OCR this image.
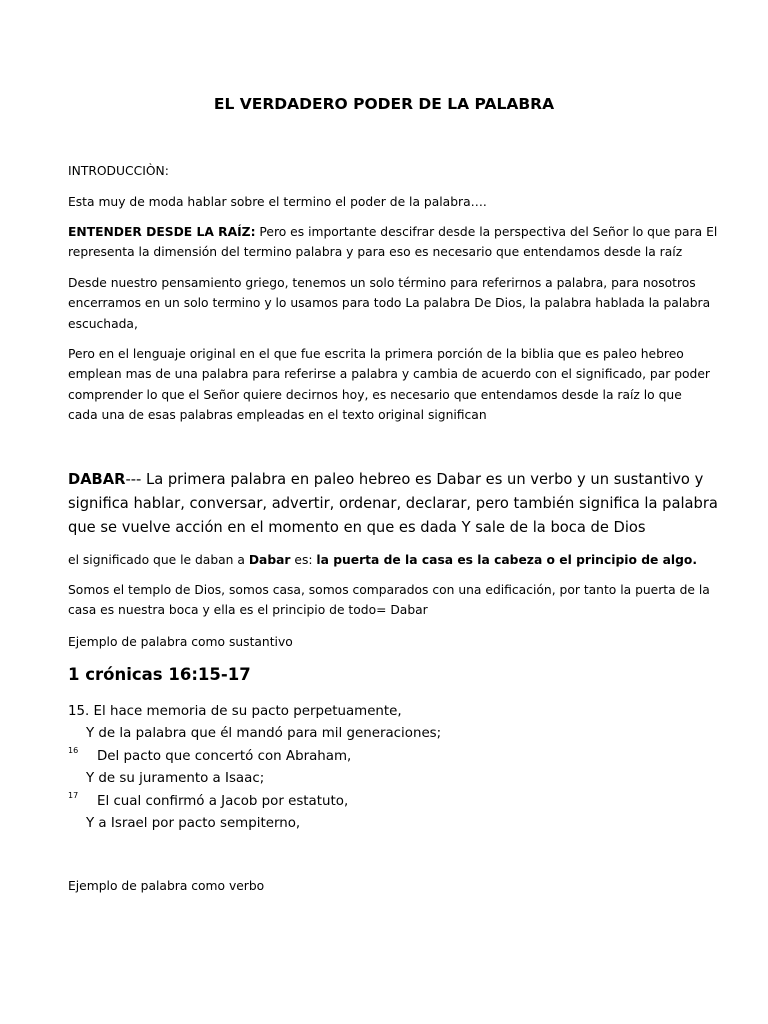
EL VERDADERO PODER DE LA PALABRA

INTRODUCCIÒN:

Esta muy de moda hablar sobre el termino el poder de la palabra….

ENTENDER DESDE LA RAÍZ: Pero es importante descifrar desde la perspectiva del Señor lo que para El
representa la dimensión del termino palabra y para eso es necesario que entendamos desde la raíz
Desde nuestro pensamiento griego, tenemos un solo término para referirnos a palabra, para nosotros
encerramos en un solo termino y lo usamos para todo La palabra De Dios, la palabra hablada la palabra
escuchada,
Pero en el lenguaje original en el que fue escrita la primera porción de la biblia que es paleo hebreo
emplean mas de una palabra para referirse a palabra y cambia de acuerdo con el significado, par poder
comprender lo que el Señor quiere decirnos hoy, es necesario que entendamos desde la raíz lo que
cada una de esas palabras empleadas en el texto original significan
DABAR--- La primera palabra en paleo hebreo es Dabar es un verbo y un sustantivo y
significa hablar, conversar, advertir, ordenar, declarar, pero también significa la palabra
que se vuelve acción en el momento en que es dada Y sale de la boca de Dios

el significado que le daban a Dabar es: la puerta de la casa es la cabeza o el principio de algo.

Somos el templo de Dios, somos casa, somos comparados con una edificación, por tanto la puerta de la
casa es nuestra boca y ella es el principio de todo= Dabar

Ejemplo de palabra como sustantivo

1 crónicas 16:15-17

15. El hace memoria de su pacto perpetuamente,
Y de la palabra que él mandó para mil generaciones;
16 Del pacto que concertó con Abraham,
Y de su juramento a Isaac;
17 El cual confirmó a Jacob por estatuto,
Y a Israel por pacto sempiterno,

Ejemplo de palabra como verbo
